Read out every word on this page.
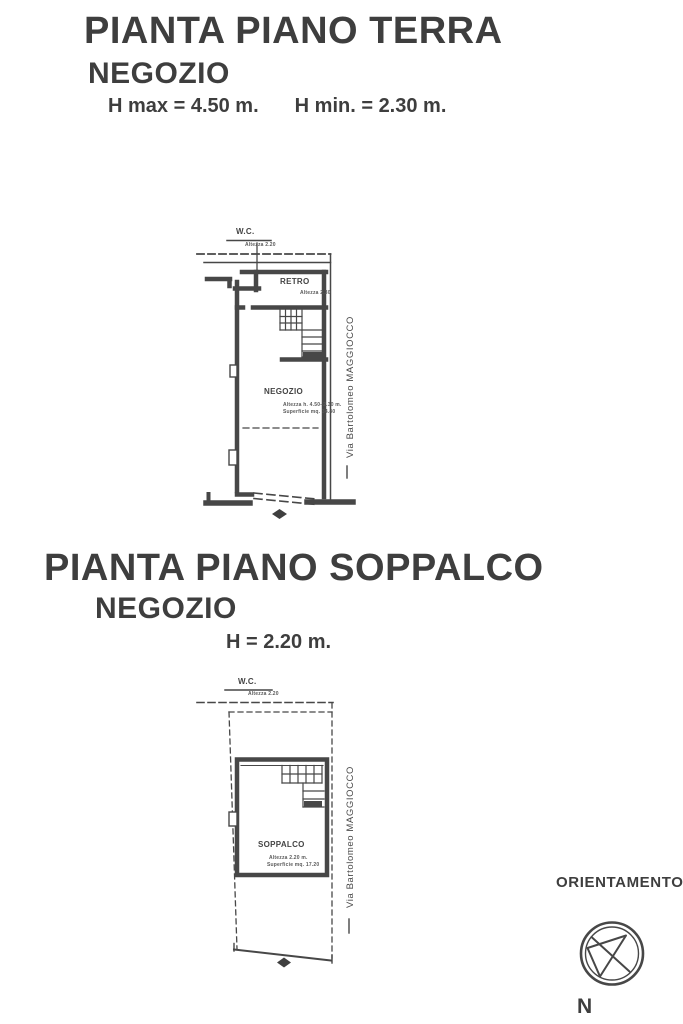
PIANTA PIANO TERRA
NEGOZIO
H max = 4.50 m. H min. = 2.30 m.
W.C.
Altezza 2.20
RETRO
Altezza 2.30
NEGOZIO
Altezza h. 4.50–2.30 m.
Superficie mq. 34.40 Via Bartolomeo MAGGIOCCO
PIANTA PIANO SOPPALCO
NEGOZIO
H = 2.20 m.
W.C.
Altezza 2.20
SOPPALCO
Altezza 2.20 m.
Superficie mq. 17.20	Via Bartolomeo MAGGIOCCO	ORIENTAMENTO
N
